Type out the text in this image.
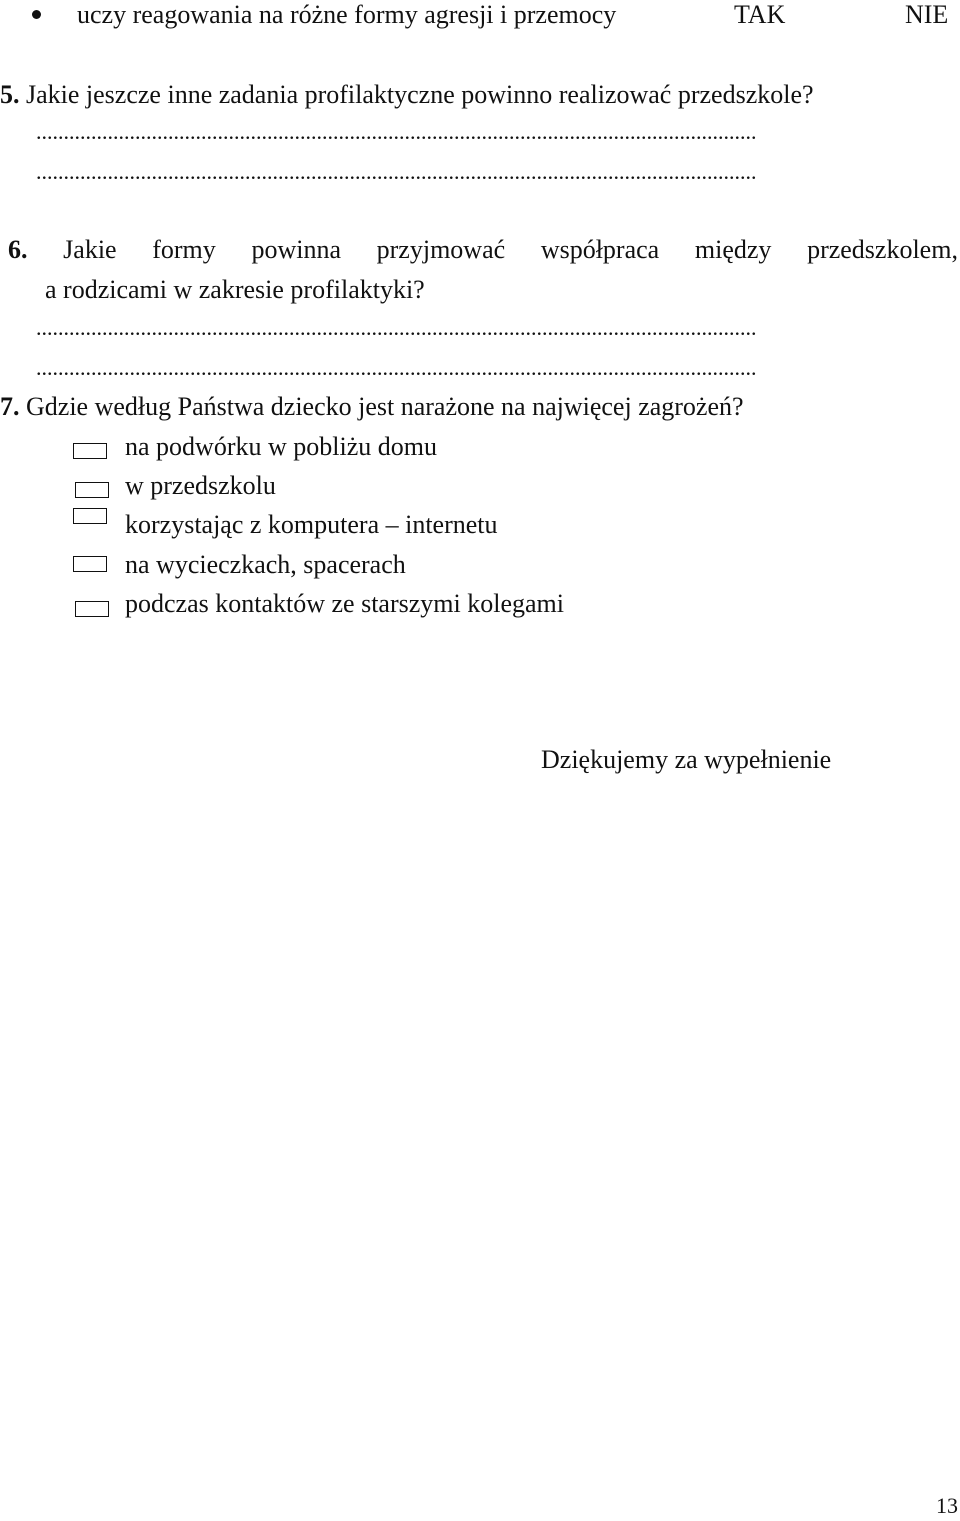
uczy reagowania na różne formy agresji i przemocy	TAK	NIE
5. Jakie jeszcze inne zadania profilaktyczne powinno realizować przedszkole?
...................................................................................................................................
...................................................................................................................................
6. Jakie formy powinna przyjmować współpraca między przedszkolem,
a rodzicami w zakresie profilaktyki?
...................................................................................................................................
...................................................................................................................................
7. Gdzie według Państwa dziecko jest narażone na najwięcej zagrożeń?
na podwórku w pobliżu domu
w przedszkolu
korzystając z komputera – internetu
na wycieczkach, spacerach
podczas kontaktów ze starszymi kolegami
Dziękujemy za wypełnienie
13
